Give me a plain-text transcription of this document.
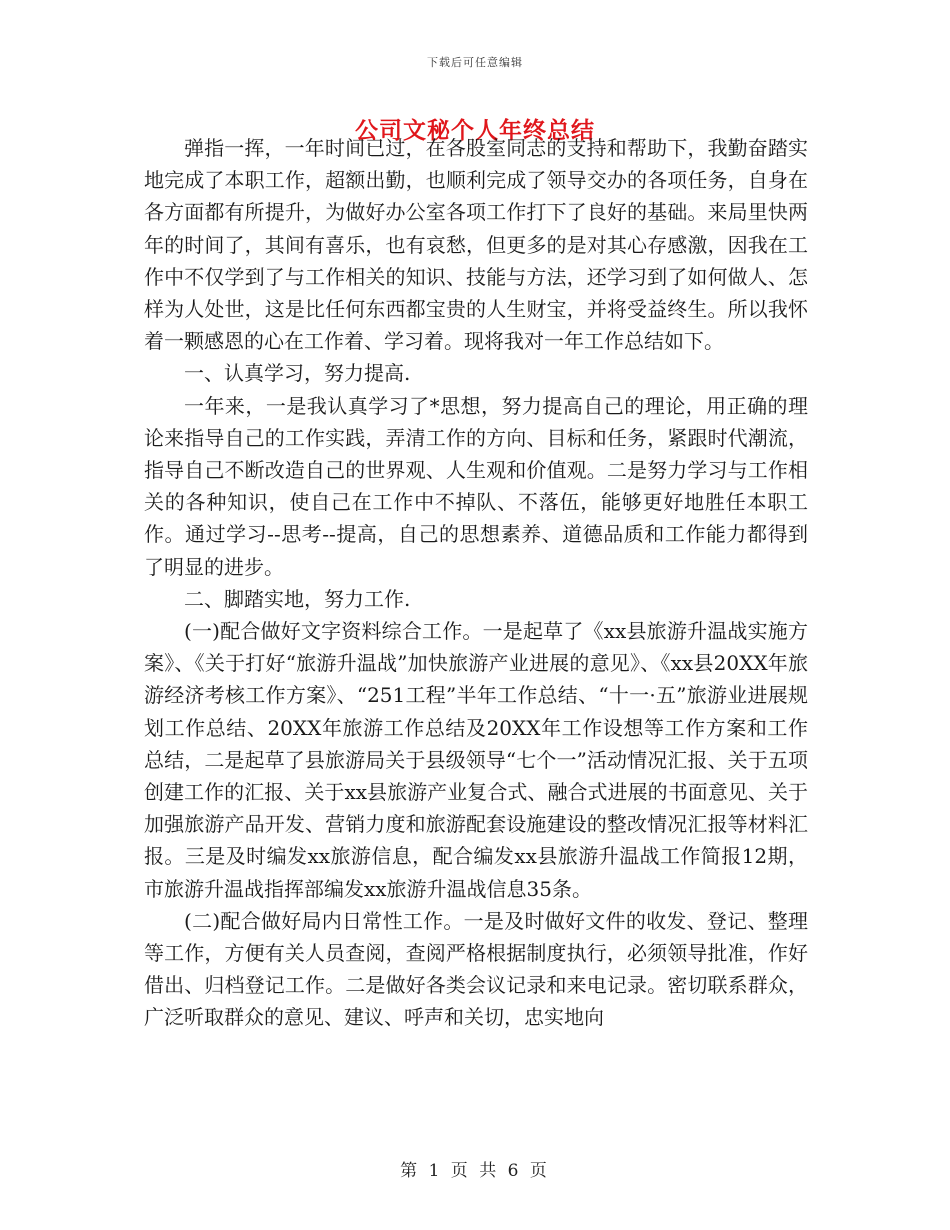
下载后可任意编辑
公司文秘个人年终总结

弹指一挥，一年时间已过，在各股室同志的支持和帮助下，我勤奋踏实地完成了本职工作，超额出勤，也顺利完成了领导交办的各项任务，自身在各方面都有所提升，为做好办公室各项工作打下了良好的基础。来局里快两年的时间了，其间有喜乐，也有哀愁，但更多的是对其心存感激，因我在工作中不仅学到了与工作相关的知识、技能与方法，还学习到了如何做人、怎样为人处世，这是比任何东西都宝贵的人生财宝，并将受益终生。所以我怀着一颗感恩的心在工作着、学习着。现将我对一年工作总结如下。

一、认真学习，努力提高.

一年来，一是我认真学习了*思想，努力提高自己的理论，用正确的理论来指导自己的工作实践，弄清工作的方向、目标和任务，紧跟时代潮流，指导自己不断改造自己的世界观、人生观和价值观。二是努力学习与工作相关的各种知识，使自己在工作中不掉队、不落伍，能够更好地胜任本职工作。通过学习--思考--提高，自己的思想素养、道德品质和工作能力都得到了明显的进步。

二、脚踏实地，努力工作.

(一)配合做好文字资料综合工作。一是起草了《xx县旅游升温战实施方案》、《关于打好“旅游升温战”加快旅游产业进展的意见》、《xx县20XX年旅游经济考核工作方案》、“251工程”半年工作总结、“十一·五”旅游业进展规划工作总结、20XX年旅游工作总结及20XX年工作设想等工作方案和工作总结，二是起草了县旅游局关于县级领导“七个一”活动情况汇报、关于五项创建工作的汇报、关于xx县旅游产业复合式、融合式进展的书面意见、关于加强旅游产品开发、营销力度和旅游配套设施建设的整改情况汇报等材料汇报。三是及时编发xx旅游信息，配合编发xx县旅游升温战工作简报12期，市旅游升温战指挥部编发xx旅游升温战信息35条。

(二)配合做好局内日常性工作。一是及时做好文件的收发、登记、整理等工作，方便有关人员查阅，查阅严格根据制度执行，必须领导批准，作好借出、归档登记工作。二是做好各类会议记录和来电记录。密切联系群众，广泛听取群众的意见、建议、呼声和关切，忠实地向

第 1 页 共 6 页
